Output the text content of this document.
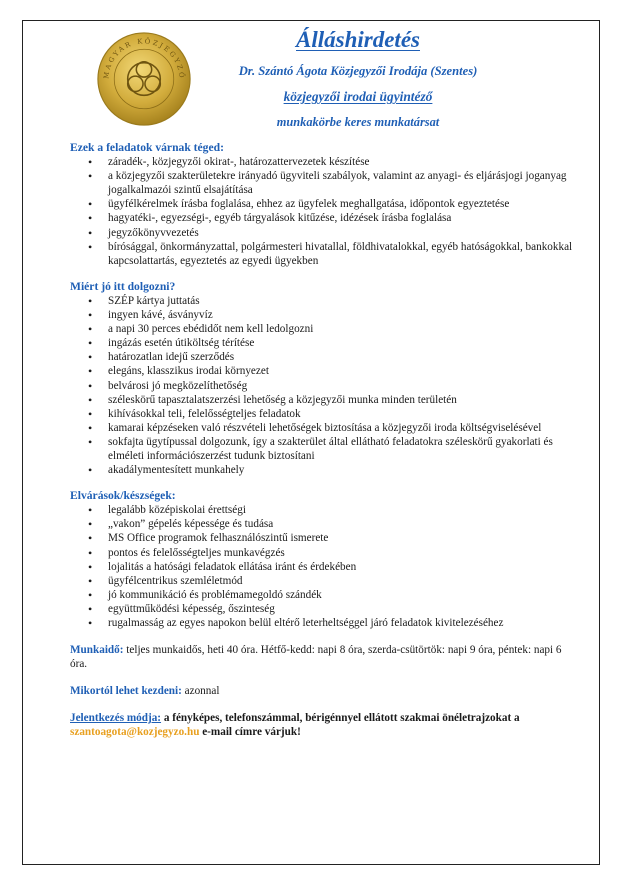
MAGYAR KÖZJEGYZŐ
Álláshirdetés
Dr. Szántó Ágota Közjegyzői Irodája (Szentes)
közjegyzői irodai ügyintéző
munkakörbe keres munkatársat
Ezek a feladatok várnak téged:
• záradék-, közjegyzői okirat-, határozattervezetek készítése
• a közjegyzői szakterületekre irányadó ügyviteli szabályok, valamint az anyagi- és eljárásjogi joganyag jogalkalmazói szintű elsajátítása
• ügyfélkérelmek írásba foglalása, ehhez az ügyfelek meghallgatása, időpontok egyeztetése
• hagyatéki-, egyezségi-, egyéb tárgyalások kitűzése, idézések írásba foglalása
• jegyzőkönyvvezetés
• bírósággal, önkormányzattal, polgármesteri hivatallal, földhivatalokkal, egyéb hatóságokkal, bankokkal kapcsolattartás, egyeztetés az egyedi ügyekben
Miért jó itt dolgozni?
• SZÉP kártya juttatás
• ingyen kávé, ásványvíz
• a napi 30 perces ebédidőt nem kell ledolgozni
• ingázás esetén útiköltség térítése
• határozatlan idejű szerződés
• elegáns, klasszikus irodai környezet
• belvárosi jó megközelíthetőség
• széleskörű tapasztalatszerzési lehetőség a közjegyzői munka minden területén
• kihívásokkal teli, felelősségteljes feladatok
• kamarai képzéseken való részvételi lehetőségek biztosítása a közjegyzői iroda költségviselésével
• sokfajta ügytípussal dolgozunk, így a szakterület által ellátható feladatokra széleskörű gyakorlati és elméleti információszerzést tudunk biztosítani
• akadálymentesített munkahely
Elvárások/készségek:
• legalább középiskolai érettségi
• „vakon” gépelés képessége és tudása
• MS Office programok felhasználószintű ismerete
• pontos és felelősségteljes munkavégzés
• lojalitás a hatósági feladatok ellátása iránt és érdekében
• ügyfélcentrikus szemléletmód
• jó kommunikáció és problémamegoldó szándék
• együttműködési képesség, őszinteség
• rugalmasság az egyes napokon belül eltérő leterheltséggel járó feladatok kivitelezéséhez
Munkaidő: teljes munkaidős, heti 40 óra. Hétfő-kedd: napi 8 óra, szerda-csütörtök: napi 9 óra, péntek: napi 6 óra.
Mikortól lehet kezdeni: azonnal
Jelentkezés módja: a fényképes, telefonszámmal, bérigénnyel ellátott szakmai önéletrajzokat a szantoagota@kozjegyzo.hu e-mail címre várjuk!
